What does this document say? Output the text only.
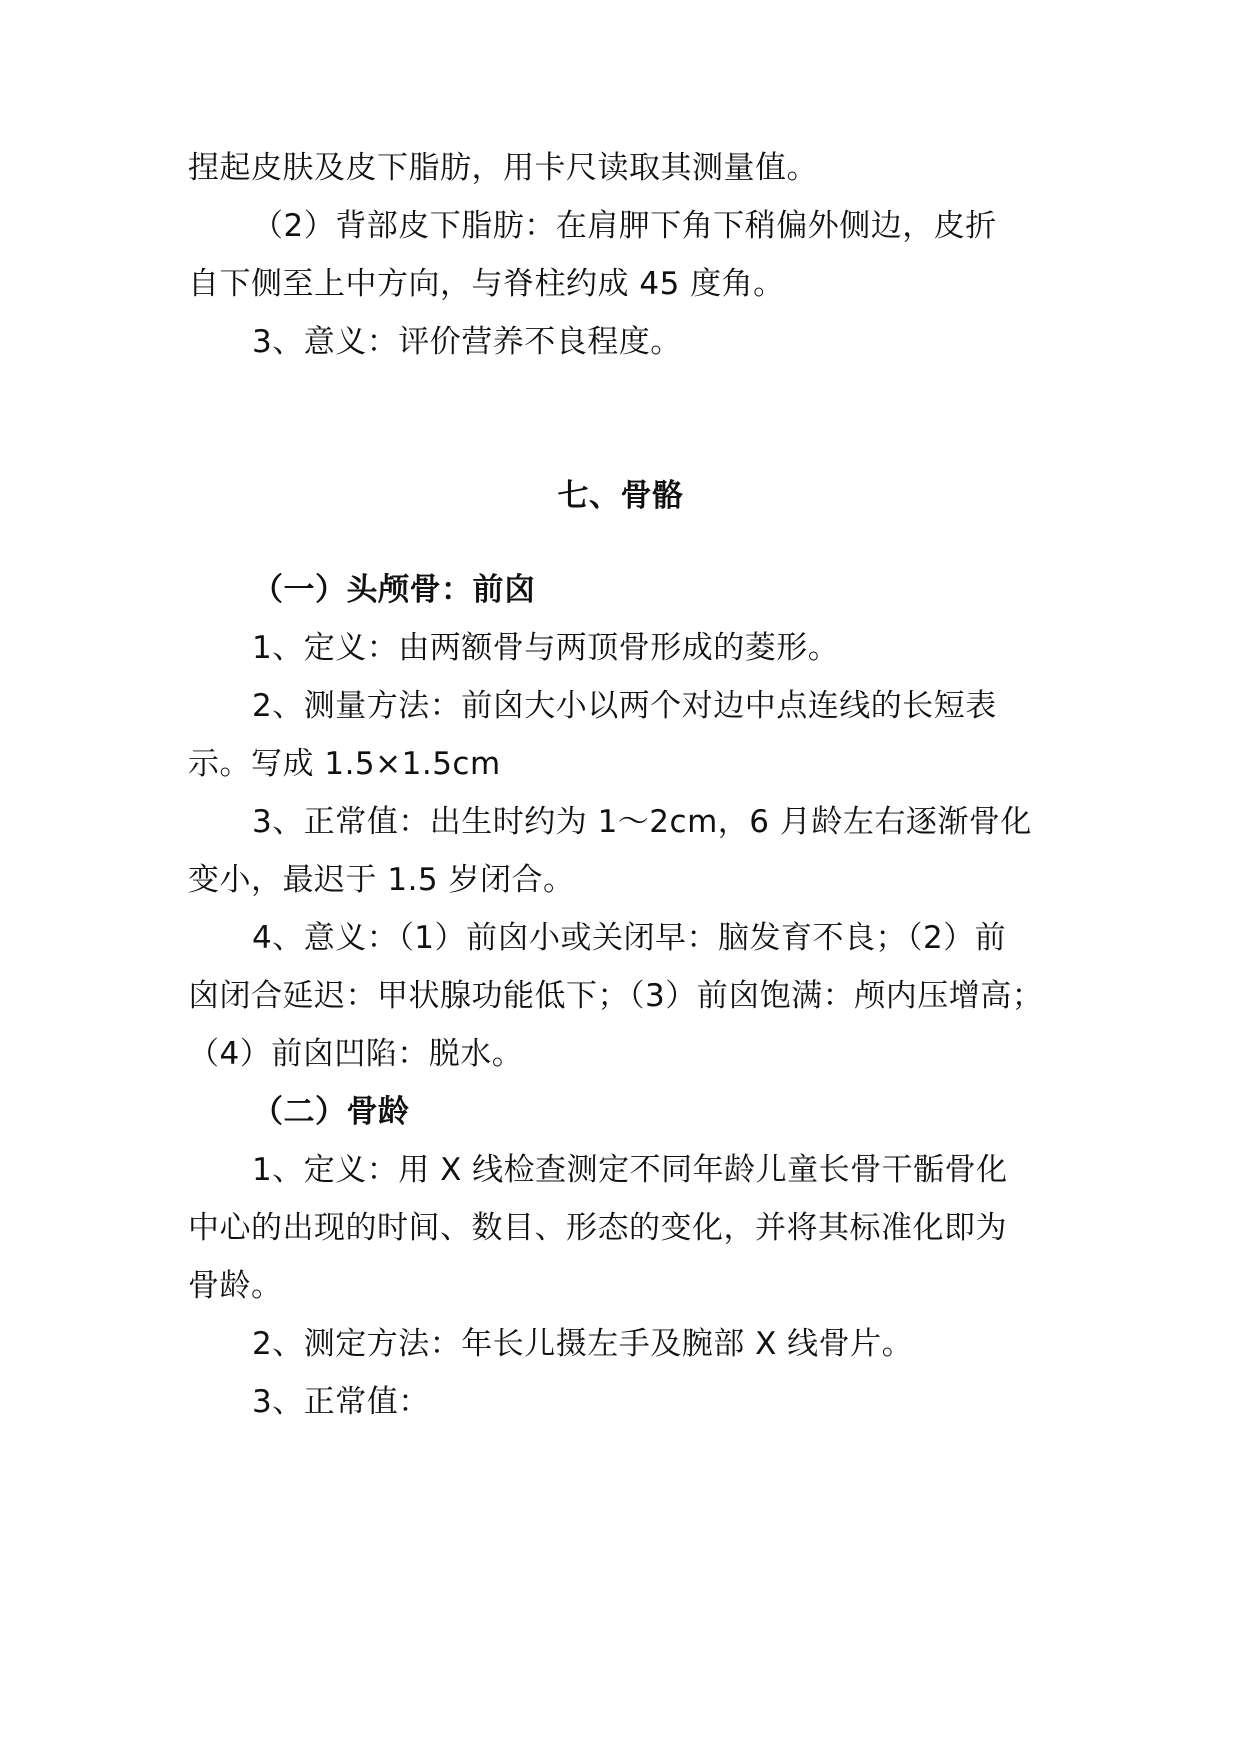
捏起皮肤及皮下脂肪，用卡尺读取其测量值。
（2）背部皮下脂肪：在肩胛下角下稍偏外侧边，皮折
自下侧至上中方向，与脊柱约成 45 度角。
3、意义：评价营养不良程度。
七、骨骼
（一）头颅骨：前囟
1、定义：由两额骨与两顶骨形成的菱形。
2、测量方法：前囟大小以两个对边中点连线的长短表
示。写成 1.5×1.5cm
3、正常值：出生时约为 1～2cm，6 月龄左右逐渐骨化
变小，最迟于 1.5 岁闭合。
4、意义：（1）前囟小或关闭早：脑发育不良；（2）前
囟闭合延迟：甲状腺功能低下；（3）前囟饱满：颅内压增高；
（4）前囟凹陷：脱水。
（二）骨龄
1、定义：用 X 线检查测定不同年龄儿童长骨干骺骨化
中心的出现的时间、数目、形态的变化，并将其标准化即为
骨龄。
2、测定方法：年长儿摄左手及腕部 X 线骨片。
3、正常值：
